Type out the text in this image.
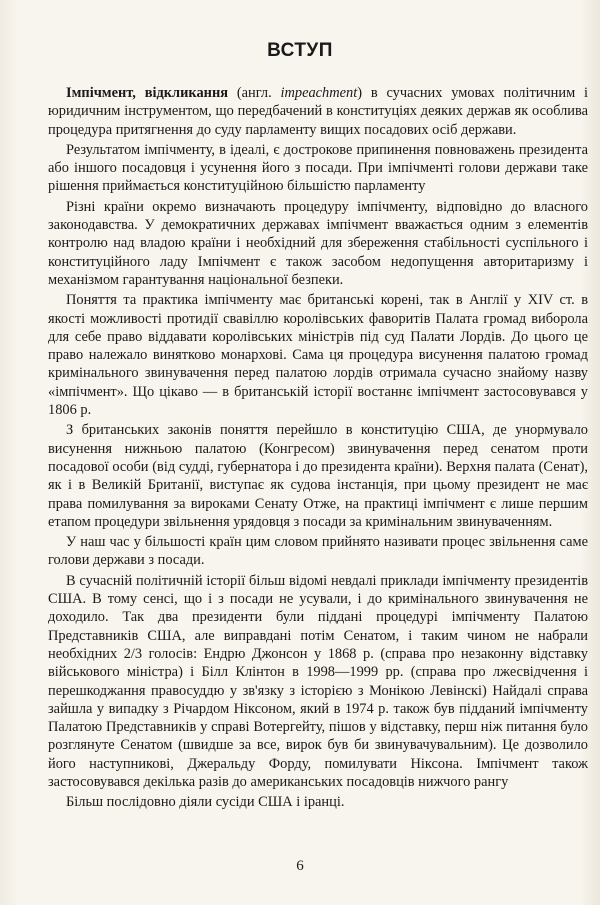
ВСТУП

Імпічмент, відкликання (англ. impeachment) в сучасних умовах політичним і юридичним інструментом, що передбачений в конституціях деяких держав як особлива процедура притягнення до суду парламенту вищих посадових осіб держави.

Результатом імпічменту, в ідеалі, є дострокове припинення повноважень президента або іншого посадовця і усунення його з посади. При імпічменті голови держави таке рішення приймається конституційною більшістю парламенту

Різні країни окремо визначають процедуру імпічменту, відповідно до власного законодавства. У демократичних державах імпічмент вважається одним з елементів контролю над владою країни і необхідний для збереження стабільності суспільного і конституційного ладу Імпічмент є також засобом недопущення авторитаризму і механізмом гарантування національної безпеки.

Поняття та практика імпічменту має британські корені, так в Англії у XIV ст. в якості можливості протидії свавіллю королівських фаворитів Палата громад виборола для себе право віддавати королівських міністрів під суд Палати Лордів. До цього це право належало винятково монархові. Сама ця процедура висунення палатою громад кримінального звинувачення перед палатою лордів отримала сучасно знайому назву «імпічмент». Що цікаво — в британській історії востаннє імпічмент застосовувався у 1806 р.

З британських законів поняття перейшло в конституцію США, де унормувало висунення нижньою палатою (Конгресом) звинувачення перед сенатом проти посадової особи (від судді, губернатора і до президента країни). Верхня палата (Сенат), як і в Великій Британії, виступає як судова інстанція, при цьому президент не має права помилування за вироками Сенату Отже, на практиці імпічмент є лише першим етапом процедури звільнення урядовця з посади за кримінальним звинуваченням.

У наш час у більшості країн цим словом прийнято називати процес звільнення саме голови держави з посади.

В сучасній політичній історії більш відомі невдалі приклади імпічменту президентів США. В тому сенсі, що і з посади не усували, і до кримінального звинувачення не доходило. Так два президенти були піддані процедурі імпічменту Палатою Представників США, але виправдані потім Сенатом, і таким чином не набрали необхідних 2/3 голосів: Ендрю Джонсон у 1868 р. (справа про незаконну відставку військового міністра) і Білл Клінтон в 1998—1999 рр. (справа про лжесвідчення і перешкоджання правосуддю у зв'язку з історією з Монікою Левінскі) Найдалі справа зайшла у випадку з Річардом Ніксоном, який в 1974 р. також був підданий імпічменту Палатою Представників у справі Вотергейту, пішов у відставку, перш ніж питання було розглянуте Сенатом (швидше за все, вирок був би звинувачувальним). Це дозволило його наступникові, Джеральду Форду, помилувати Ніксона. Імпічмент також застосовувався декілька разів до американських посадовців нижчого рангу

Більш послідовно діяли сусіди США і іранці.

6
